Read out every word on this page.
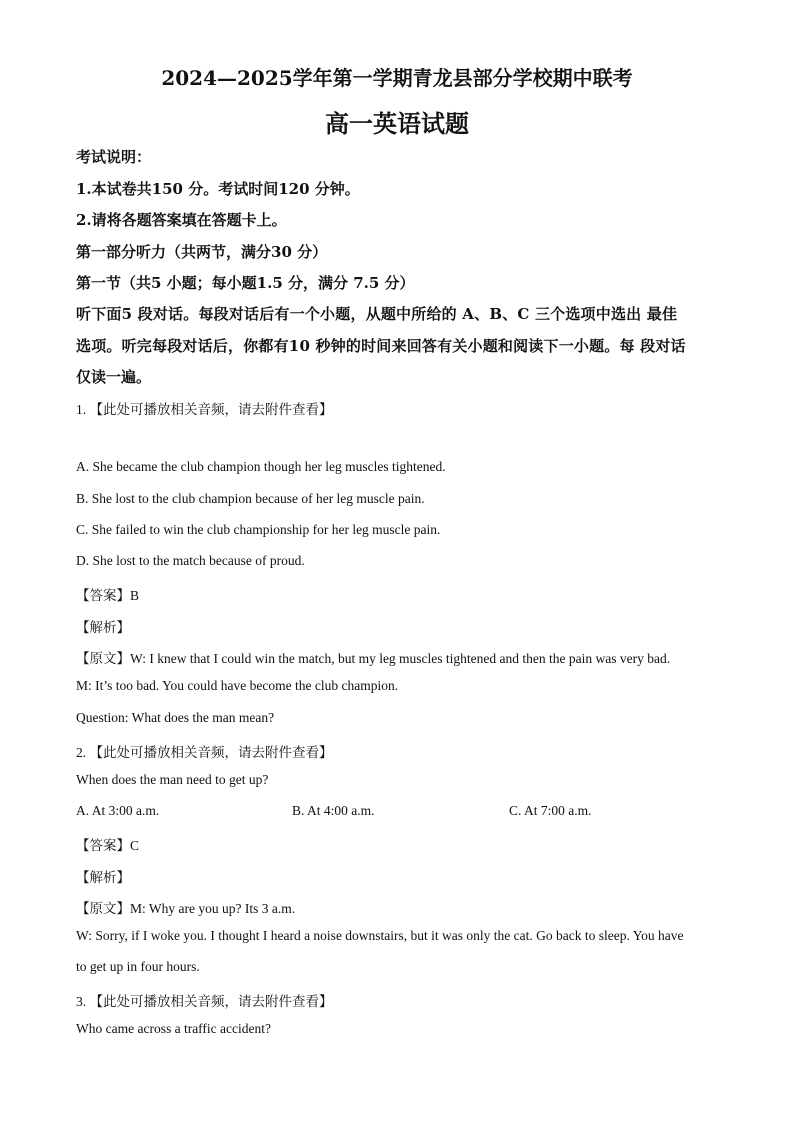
2024—2025学年第一学期青龙县部分学校期中联考
高一英语试题
考试说明：
1.本试卷共150 分。考试时间120 分钟。
2.请将各题答案填在答题卡上。
第一部分听力（共两节，满分30 分）
第一节（共5 小题；每小题1.5 分，满分 7.5 分）
听下面5 段对话。每段对话后有一个小题，从题中所给的 A、B、C 三个选项中选出 最佳
选项。听完每段对话后，你都有10 秒钟的时间来回答有关小题和阅读下一小题。每 段对话
仅读一遍。
1. 【此处可播放相关音频，请去附件查看】
A. She became the club champion though her leg muscles tightened.
B. She lost to the club champion because of her leg muscle pain.
C. She failed to win the club championship for her leg muscle pain.
D. She lost to the match because of proud.
【答案】B
【解析】
【原文】W: I knew that I could win the match, but my leg muscles tightened and then the pain was very bad.
M: It’s too bad. You could have become the club champion.
Question: What does the man mean?
2. 【此处可播放相关音频，请去附件查看】
When does the man need to get up?
A. At 3:00 a.m.	B. At 4:00 a.m.	C. At 7:00 a.m.
【答案】C
【解析】
【原文】M: Why are you up? Its 3 a.m.
W: Sorry, if I woke you. I thought I heard a noise downstairs, but it was only the cat. Go back to sleep. You have
to get up in four hours.
3. 【此处可播放相关音频，请去附件查看】
Who came across a traffic accident?
